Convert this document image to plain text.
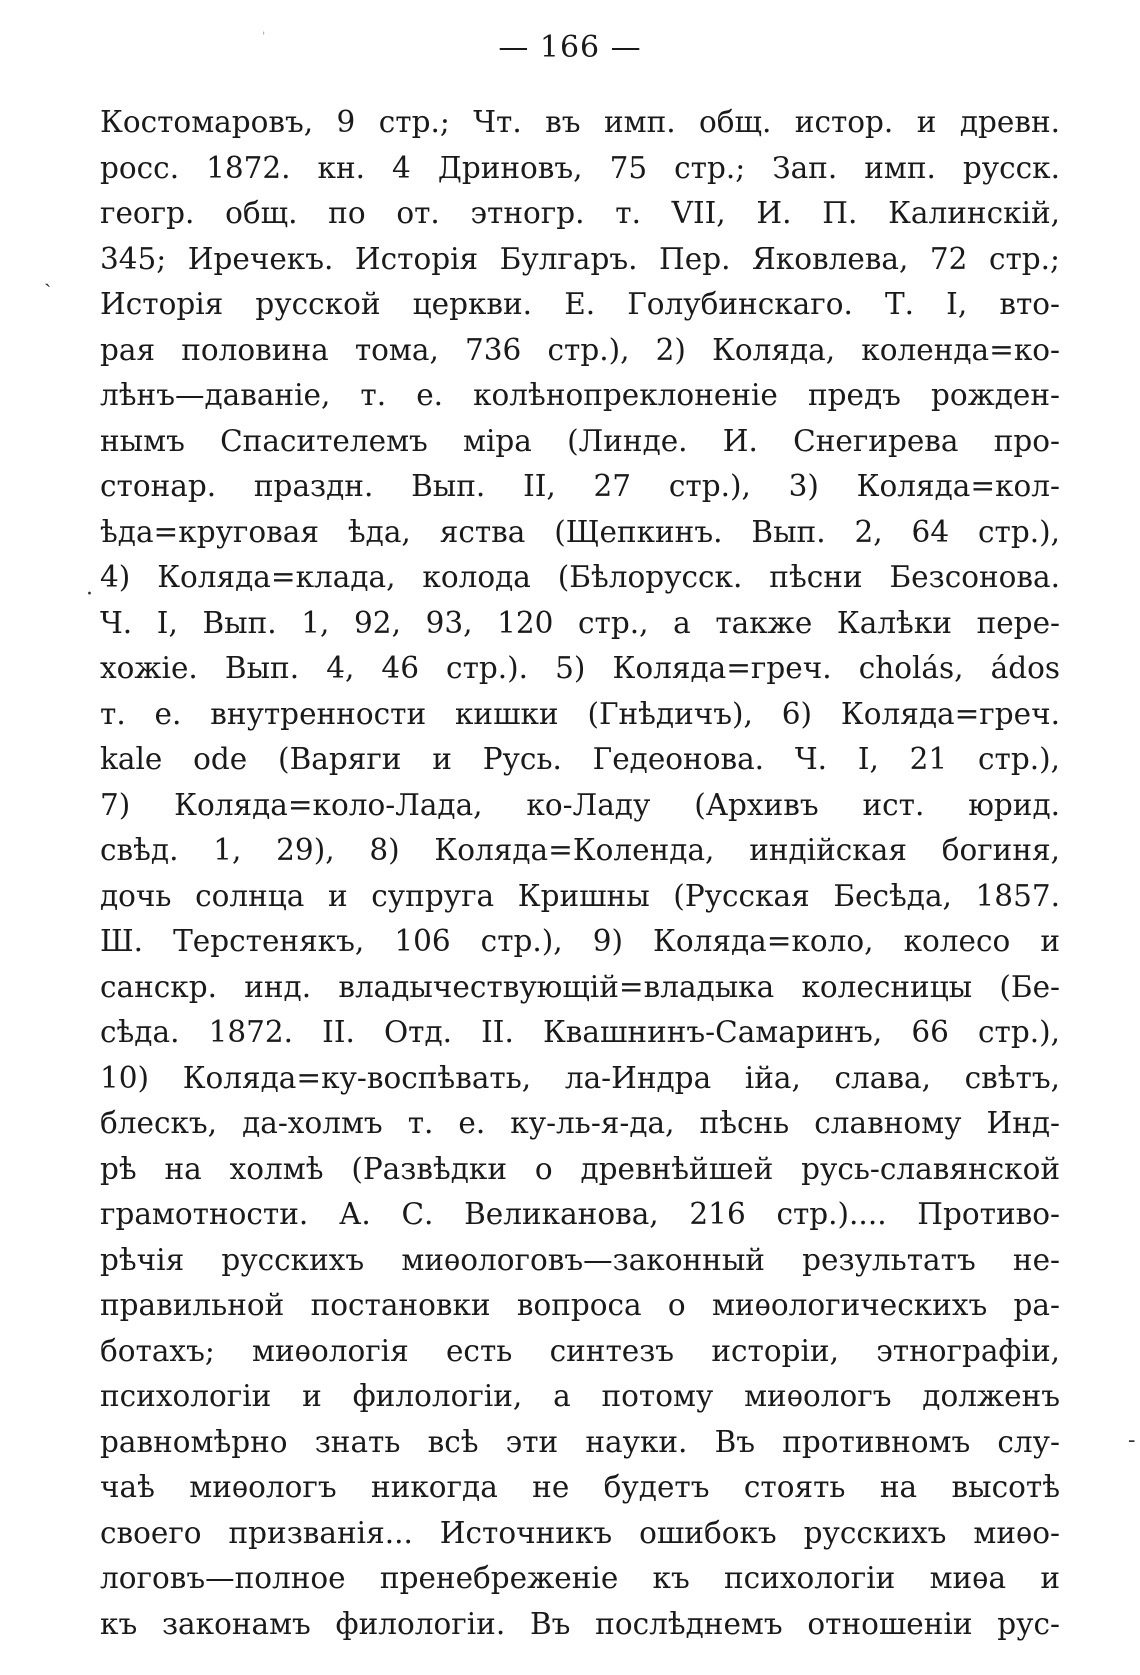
— 166 —
Костомаровъ, 9 стр.; Чт. въ имп. общ. истор. и древн.
росс. 1872. кн. 4 Дриновъ, 75 стр.; Зап. имп. русск.
геогр. общ. по от. этногр. т. VII, И. П. Калинскій,
345; Иречекъ. Исторія Булгаръ. Пер. Яковлева, 72 стр.;
Исторія русской церкви. Е. Голубинскаго. Т. I, вто-
рая половина тома, 736 стр.), 2) Коляда, коленда=ко-
лѣнъ—даваніе, т. е. колѣнопреклоненіе предъ рожден-
нымъ Спасителемъ міра (Линде. И. Снегирева про-
стонар. праздн. Вып. II, 27 стр.), 3) Коляда=кол-
ѣда=круговая ѣда, яства (Щепкинъ. Вып. 2, 64 стр.),
4) Коляда=клада, колода (Бѣлорусск. пѣсни Безсонова.
Ч. I, Вып. 1, 92, 93, 120 стр., а также Калѣки пере-
хожіе. Вып. 4, 46 стр.). 5) Коляда=греч. cholás, ádos
т. е. внутренности кишки (Гнѣдичъ), 6) Коляда=греч.
kale ode (Варяги и Русь. Гедеонова. Ч. I, 21 стр.),
7) Коляда=коло-Лада, ко-Ладу (Архивъ ист. юрид.
свѣд. 1, 29), 8) Коляда=Коленда, индійская богиня,
дочь солнца и супруга Кришны (Русская Бесѣда, 1857.
Ш. Терстенякъ, 106 стр.), 9) Коляда=коло, колесо и
санскр. инд. владычествующій=владыка колесницы (Бе-
сѣда. 1872. II. Отд. II. Квашнинъ-Самаринъ, 66 стр.),
10) Коляда=ку-воспѣвать, ла-Индра ійа, слава, свѣтъ,
блескъ, да-холмъ т. е. ку-ль-я-да, пѣснь славному Инд-
рѣ на холмѣ (Развѣдки о древнѣйшей русь-славянской
грамотности. А. С. Великанова, 216 стр.).... Противо-
рѣчія русскихъ миѳологовъ—законный результатъ не-
правильной постановки вопроса о миѳологическихъ ра-
ботахъ; миѳологія есть синтезъ исторіи, этнографіи,
психологіи и филологіи, а потому миѳологъ долженъ
равномѣрно знать всѣ эти науки. Въ противномъ слу-
чаѣ миѳологъ никогда не будетъ стоять на высотѣ
своего призванія... Источникъ ошибокъ русскихъ миѳо-
логовъ—полное пренебреженіе къ психологіи миѳа и
къ законамъ филологіи. Въ послѣднемъ отношеніи рус-
ˏ
·
-
ˈ
